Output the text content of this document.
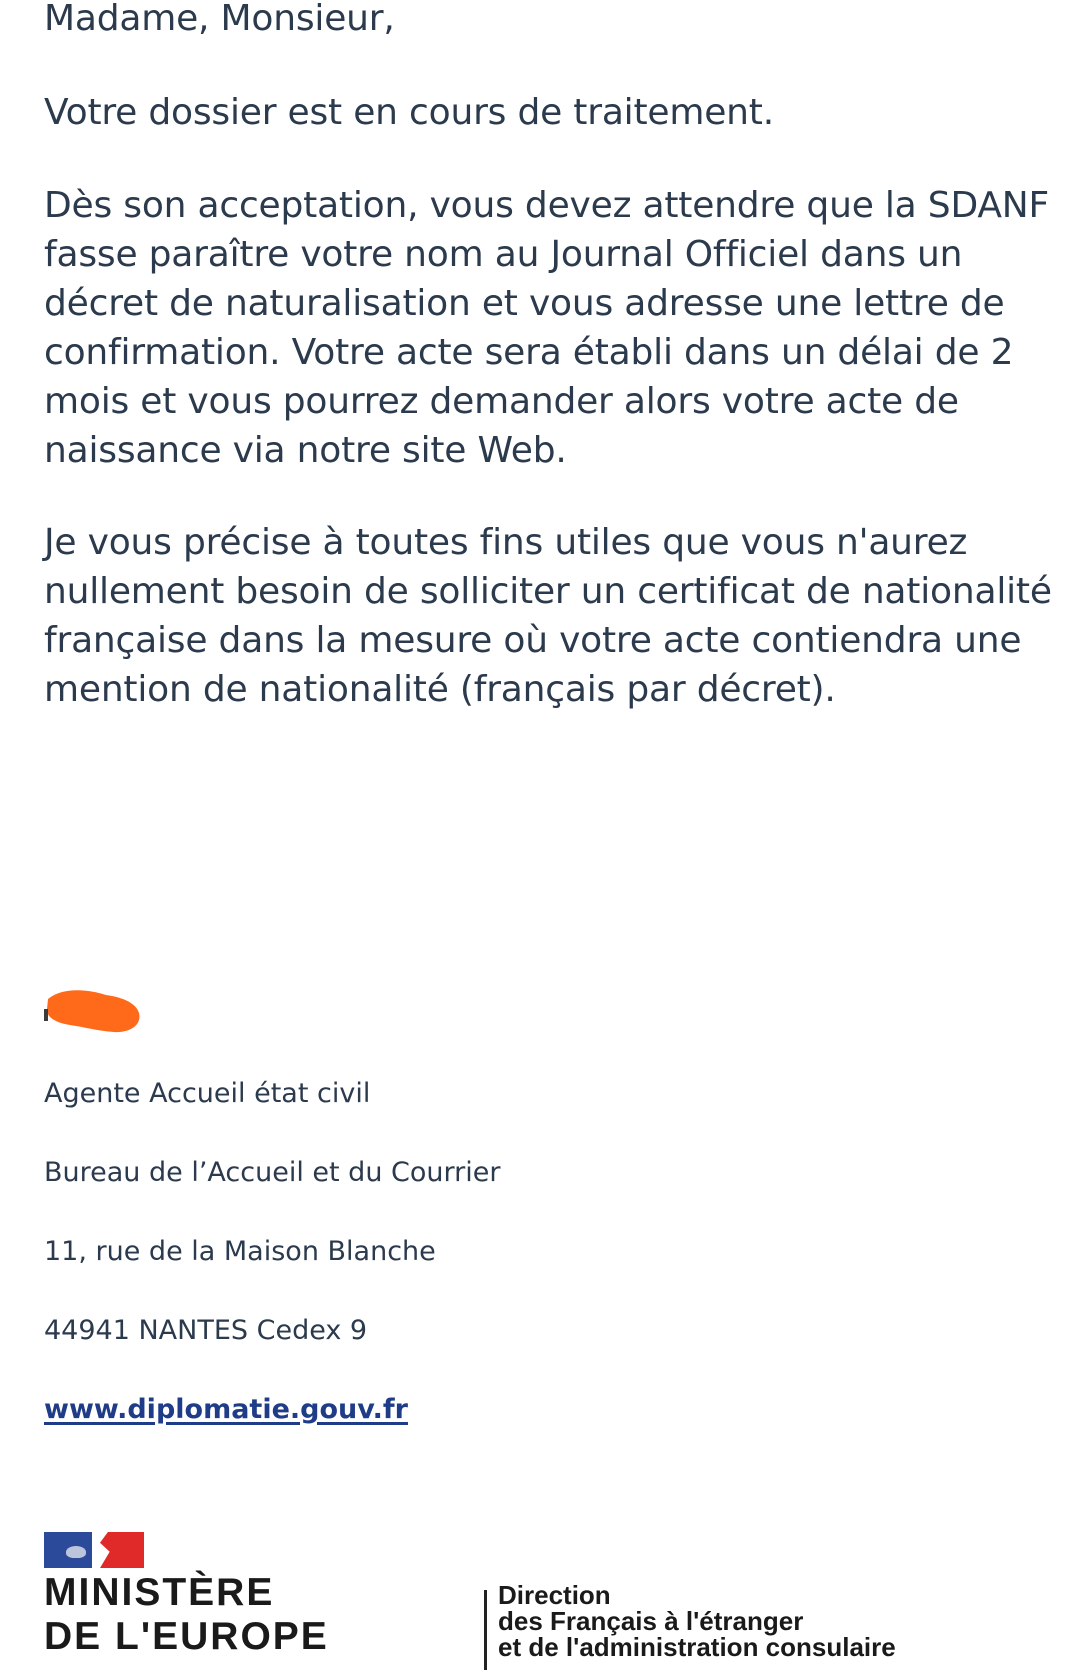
Madame, Monsieur,

Votre dossier est en cours de traitement.

Dès son acceptation, vous devez attendre que la SDANF fasse paraître votre nom au Journal Officiel dans un décret de naturalisation et vous adresse une lettre de confirmation. Votre acte sera établi dans un délai de 2 mois et vous pourrez demander alors votre acte de naissance via notre site Web.

Je vous précise à toutes fins utiles que vous n'aurez nullement besoin de solliciter un certificat de nationalité française dans la mesure où votre acte contiendra une mention de nationalité (français par décret).

Agente Accueil état civil

Bureau de l’Accueil et du Courrier

11, rue de la Maison Blanche

44941 NANTES Cedex 9

www.diplomatie.gouv.fr
MINISTÈRE
DE L'EUROPE
Direction
des Français à l'étranger
et de l'administration consulaire
